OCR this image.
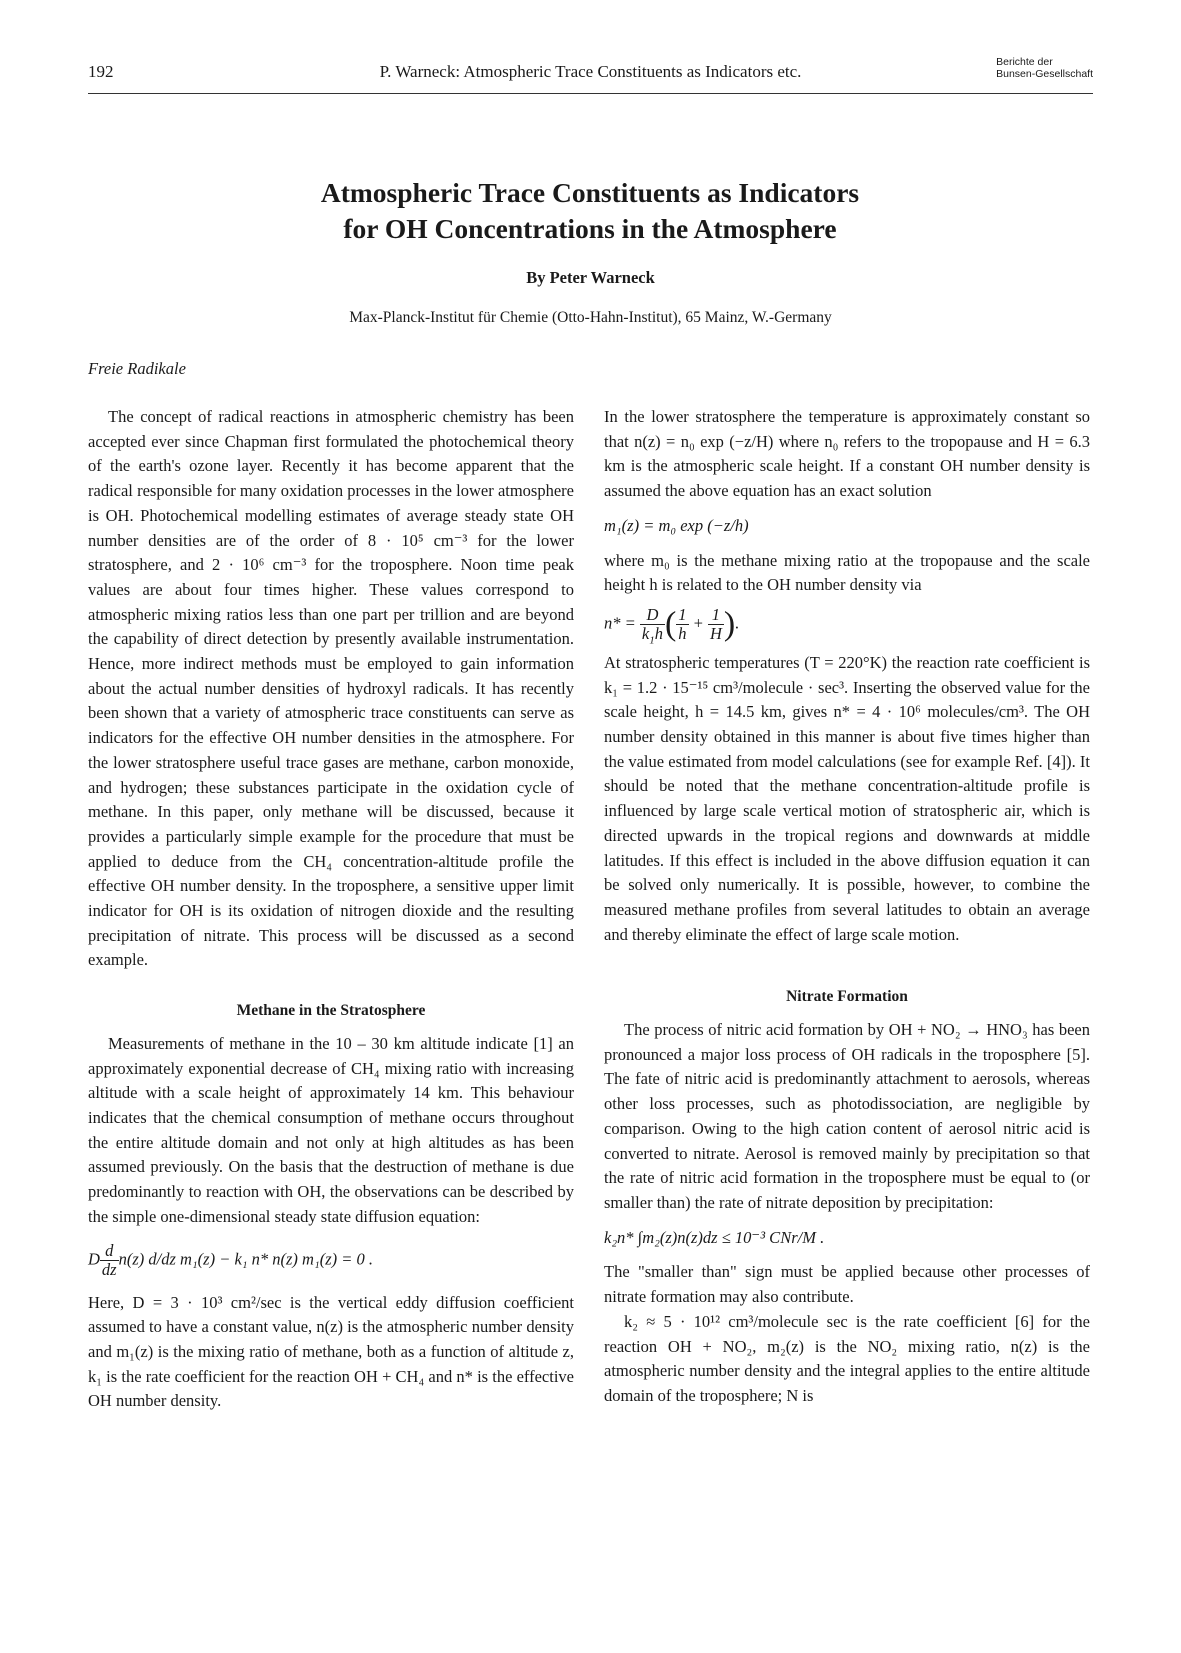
192	P. Warneck: Atmospheric Trace Constituents as Indicators etc.	Berichte der
Bunsen-Gesellschaft
Atmospheric Trace Constituents as Indicators
for OH Concentrations in the Atmosphere
By Peter Warneck
Max-Planck-Institut für Chemie (Otto-Hahn-Institut), 65 Mainz, W.-Germany
Freie Radikale

The concept of radical reactions in atmospheric chemistry has been accepted ever since Chapman first formulated the photochemical theory of the earth's ozone layer. Recently it has become apparent that the radical responsible for many oxidation processes in the lower atmosphere is OH. Photochemical modelling estimates of average steady state OH number densities are of the order of 8 · 10⁵ cm⁻³ for the lower stratosphere, and 2 · 10⁶ cm⁻³ for the troposphere. Noon time peak values are about four times higher. These values correspond to atmospheric mixing ratios less than one part per trillion and are beyond the capability of direct detection by presently available instrumentation. Hence, more indirect methods must be employed to gain information about the actual number densities of hydroxyl radicals. It has recently been shown that a variety of atmospheric trace constituents can serve as indicators for the effective OH number densities in the atmosphere. For the lower stratosphere useful trace gases are methane, carbon monoxide, and hydrogen; these substances participate in the oxidation cycle of methane. In this paper, only methane will be discussed, because it provides a particularly simple example for the procedure that must be applied to deduce from the CH₄ concentration-altitude profile the effective OH number density. In the troposphere, a sensitive upper limit indicator for OH is its oxidation of nitrogen dioxide and the resulting precipitation of nitrate. This process will be discussed as a second example.

Methane in the Stratosphere

Measurements of methane in the 10 – 30 km altitude indicate [1] an approximately exponential decrease of CH₄ mixing ratio with increasing altitude with a scale height of approximately 14 km. This behaviour indicates that the chemical consumption of methane occurs throughout the entire altitude domain and not only at high altitudes as has been assumed previously. On the basis that the destruction of methane is due predominantly to reaction with OH, the observations can be described by the simple one-dimensional steady state diffusion equation:

D $\frac{d}{dz} n(z)$ d/dz m₁(z) − k₁ n* n(z) m₁(z) = 0 .

Here, D = 3 · 10³ cm²/sec is the vertical eddy diffusion coefficient assumed to have a constant value, n(z) is the atmospheric number density and m₁(z) is the mixing ratio of methane, both as a function of altitude z, k₁ is the rate coefficient for the reaction OH + CH₄ and n* is the effective OH number density.

In the lower stratosphere the temperature is approximately constant so that n(z) = n₀ exp (−z/H) where n₀ refers to the tropopause and H = 6.3 km is the atmospheric scale height. If a constant OH number density is assumed the above equation has an exact solution

m₁(z) = m₀ exp (−z/h)

where m₀ is the methane mixing ratio at the tropopause and the scale height h is related to the OH number density via

$n* = \frac{D}{k_1h}$ ( $\frac{1}{h} + \frac{1}{H}$ ).

At stratospheric temperatures (T = 220°K) the reaction rate coefficient is k₁ = 1.2 · 15⁻¹⁵ cm³/molecule · sec³. Inserting the observed value for the scale height, h = 14.5 km, gives n* = 4 · 10⁶ molecules/cm³. The OH number density obtained in this manner is about five times higher than the value estimated from model calculations (see for example Ref. [4]). It should be noted that the methane concentration-altitude profile is influenced by large scale vertical motion of stratospheric air, which is directed upwards in the tropical regions and downwards at middle latitudes. If this effect is included in the above diffusion equation it can be solved only numerically. It is possible, however, to combine the measured methane profiles from several latitudes to obtain an average and thereby eliminate the effect of large scale motion.

Nitrate Formation

The process of nitric acid formation by OH + NO₂ → HNO₃ has been pronounced a major loss process of OH radicals in the troposphere [5]. The fate of nitric acid is predominantly attachment to aerosols, whereas other loss processes, such as photodissociation, are negligible by comparison. Owing to the high cation content of aerosol nitric acid is converted to nitrate. Aerosol is removed mainly by precipitation so that the rate of nitric acid formation in the troposphere must be equal to (or smaller than) the rate of nitrate deposition by precipitation:

k₂n* ∫m₂(z)n(z)dz ≤ 10⁻³ CNr/M .

The "smaller than" sign must be applied because other processes of nitrate formation may also contribute.

k₂ ≈ 5 · 10¹² cm³/molecule sec is the rate coefficient [6] for the reaction OH + NO₂, m₂(z) is the NO₂ mixing ratio, n(z) is the atmospheric number density and the integral applies to the entire altitude domain of the troposphere; N is
